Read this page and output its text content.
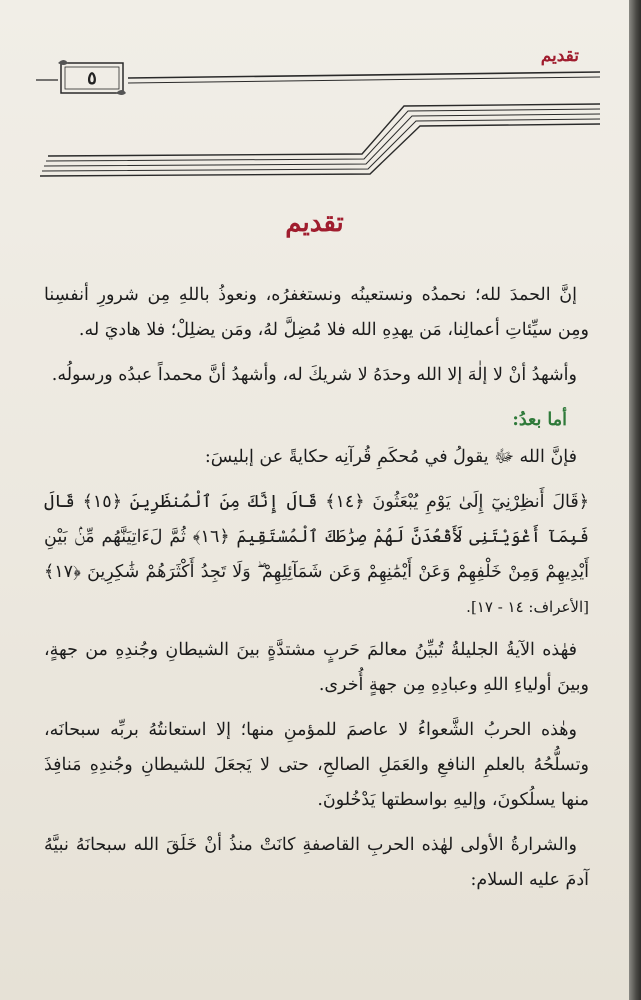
تقديم
٥
تقديم

إنَّ الحمدَ لله؛ نحمدُه ونستعينُه ونستغفرُه، ونعوذُ باللهِ مِن شرورِ أنفسِنا ومِن سيِّئاتِ أعمالِنا، مَن يهدِهِ الله فلا مُضِلَّ لهُ، ومَن يضلِلْ؛ فلا هاديَ له.

وأشهدُ أنْ لا إلٰهَ إلا الله وحدَهُ لا شريكَ له، وأشهدُ أنَّ محمداً عبدُه ورسولُه.

أما بعدُ:

فإنَّ الله ﷻ يقولُ في مُحكَمِ قُرآنِه حكايةً عن إبليسَ:

﴿قَالَ أَنظِرْنِيٓ إِلَىٰ يَوْمِ يُبْعَثُونَ ﴿١٤﴾ قَالَ إِنَّكَ مِنَ ٱلْمُنظَرِينَ ﴿١٥﴾ قَالَ فَبِمَآ أَغْوَيْتَنِى لَأَقْعُدَنَّ لَهُمْ صِرَٰطَكَ ٱلْمُسْتَقِيمَ ﴿١٦﴾ ثُمَّ لَءَاتِيَنَّهُم مِّنۢ بَيْنِ أَيْدِيهِمْ وَمِنْ خَلْفِهِمْ وَعَنْ أَيْمَٰنِهِمْ وَعَن شَمَآئِلِهِمْ ۖ وَلَا تَجِدُ أَكْثَرَهُمْ شَٰكِرِينَ ﴿١٧﴾ [الأعراف: ١٤ - ١٧].

فهٰذه الآيةُ الجليلةُ تُبيِّنُ معالمَ حَربٍ مشتدَّةٍ بينَ الشيطانِ وجُندِهِ من جهةٍ، وبينَ أولياءِ اللهِ وعبادِهِ مِن جهةٍ أُخرى.

وهٰذه الحربُ الشَّعواءُ لا عاصمَ للمؤمنِ منها؛ إلا استعانتُهُ بربِّه سبحانَه، وتسلُّحُهُ بالعلمِ النافعِ والعَمَلِ الصالحِ، حتى لا يَجعَلَ للشيطانِ وجُندِهِ مَنافِذَ منها يسلُكونَ، وإليهِ بواسطتها يَدْخُلونَ.

والشرارةُ الأولى لهٰذه الحربِ القاصفةِ كانَتْ منذُ أنْ خَلَقَ الله سبحانَهُ نبيَّهُ آدمَ عليه السلام:
